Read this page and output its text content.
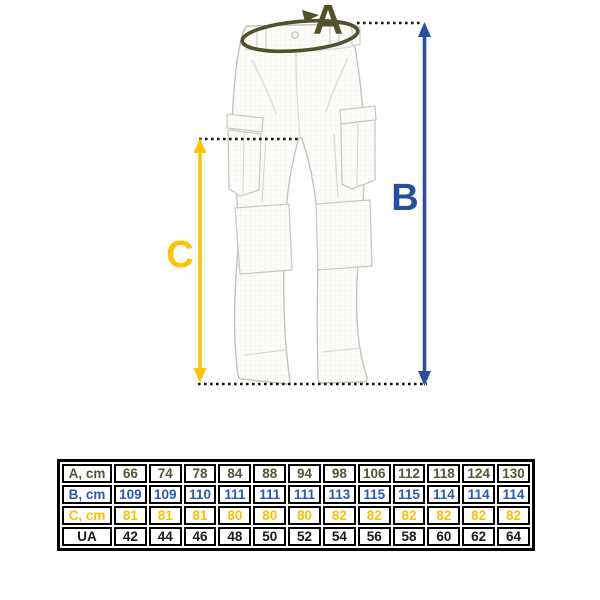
A
B
C
A, cm	66	74	78	84	88	94	98	106	112	118	124	130
B, cm	109	109	110	111	111	111	113	115	115	114	114	114
C, cm	81	81	81	80	80	80	82	82	82	82	82	82
UA	42	44	46	48	50	52	54	56	58	60	62	64
